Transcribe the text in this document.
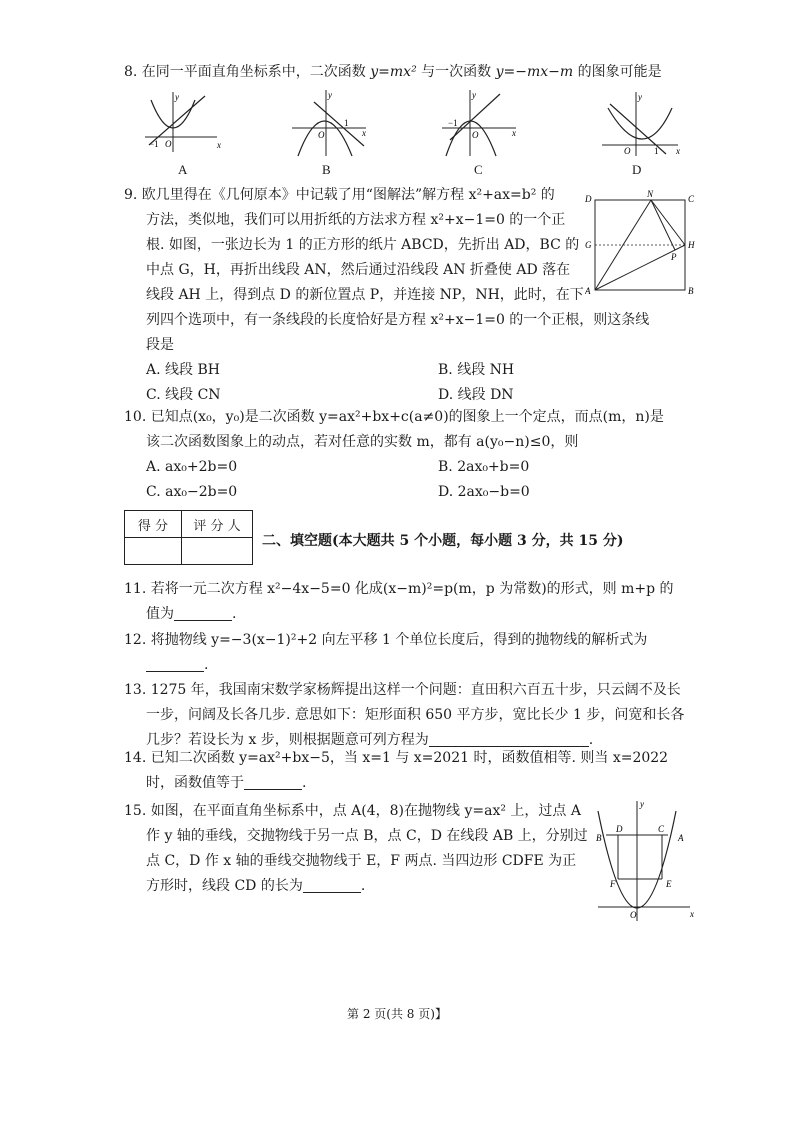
8. 在同一平面直角坐标系中，二次函数 y=mx² 与一次函数 y=−mx−m 的图象可能是
x
y
−1 O
A
x
y
1
O
B
x
y
−1
O
C
x
y
1
O
D
9. 欧几里得在《几何原本》中记载了用“图解法”解方程 x²+ax=b² 的
方法，类似地，我们可以用折纸的方法求方程 x²+x−1=0 的一个正
根. 如图，一张边长为 1 的正方形的纸片 ABCD，先折出 AD，BC 的
中点 G，H，再折出线段 AN，然后通过沿线段 AN 折叠使 AD 落在
线段 AH 上，得到点 D 的新位置点 P，并连接 NP，NH，此时，在下
列四个选项中，有一条线段的长度恰好是方程 x²+x−1=0 的一个正根，则这条线
段是
A. 线段 BH	B. 线段 NH
C. 线段 CN	D. 线段 DN
D	N	C
G	H
P
A	B
10. 已知点(x₀，y₀)是二次函数 y=ax²+bx+c(a≠0)的图象上一个定点，而点(m，n)是
该二次函数图象上的动点，若对任意的实数 m，都有 a(y₀−n)≤0，则
A. ax₀+2b=0	B. 2ax₀+b=0
C. ax₀−2b=0	D. 2ax₀−b=0
得 分	评 分 人

二、填空题(本大题共 5 个小题，每小题 3 分，共 15 分)
11. 若将一元二次方程 x²−4x−5=0 化成(x−m)²=p(m，p 为常数)的形式，则 m+p 的
值为	.
12. 将抛物线 y=−3(x−1)²+2 向左平移 1 个单位长度后，得到的抛物线的解析式为
.
13. 1275 年，我国南宋数学家杨辉提出这样一个问题：直田积六百五十步，只云阔不及长
一步，问阔及长各几步. 意思如下：矩形面积 650 平方步，宽比长少 1 步，问宽和长各
几步？若设长为 x 步，则根据题意可列方程为	.
14. 已知二次函数 y=ax²+bx−5，当 x=1 与 x=2021 时，函数值相等. 则当 x=2022
时，函数值等于	.
15. 如图，在平面直角坐标系中，点 A(4，8)在抛物线 y=ax² 上，过点 A
作 y 轴的垂线，交抛物线于另一点 B，点 C，D 在线段 AB 上，分别过
点 C，D 作 x 轴的垂线交抛物线于 E，F 两点. 当四边形 CDFE 为正
方形时，线段 CD 的长为	.
y
B
D	C
A
F	E
O	x
第 2 页(共 8 页)】
